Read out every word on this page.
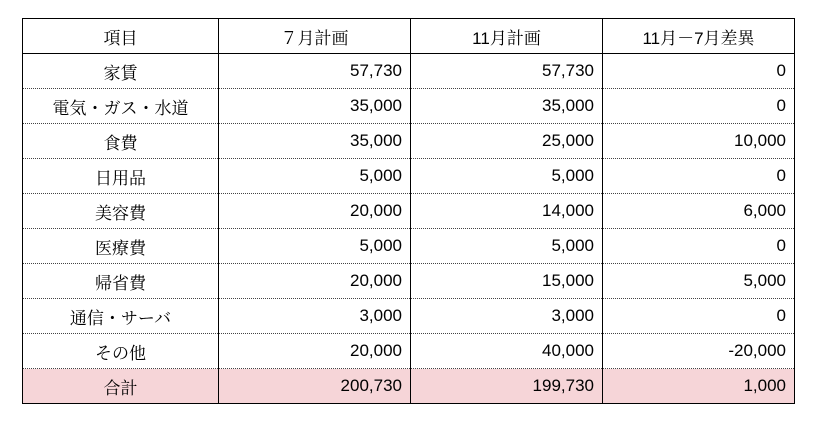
項目	７月計画	11月計画	11月－7月差異
家賃	57,730	57,730	0
電気・ガス・水道	35,000	35,000	0
食費	35,000	25,000	10,000
日用品	5,000	5,000	0
美容費	20,000	14,000	6,000
医療費	5,000	5,000	0
帰省費	20,000	15,000	5,000
通信・サーバ	3,000	3,000	0
その他	20,000	40,000	-20,000
合計	200,730	199,730	1,000
